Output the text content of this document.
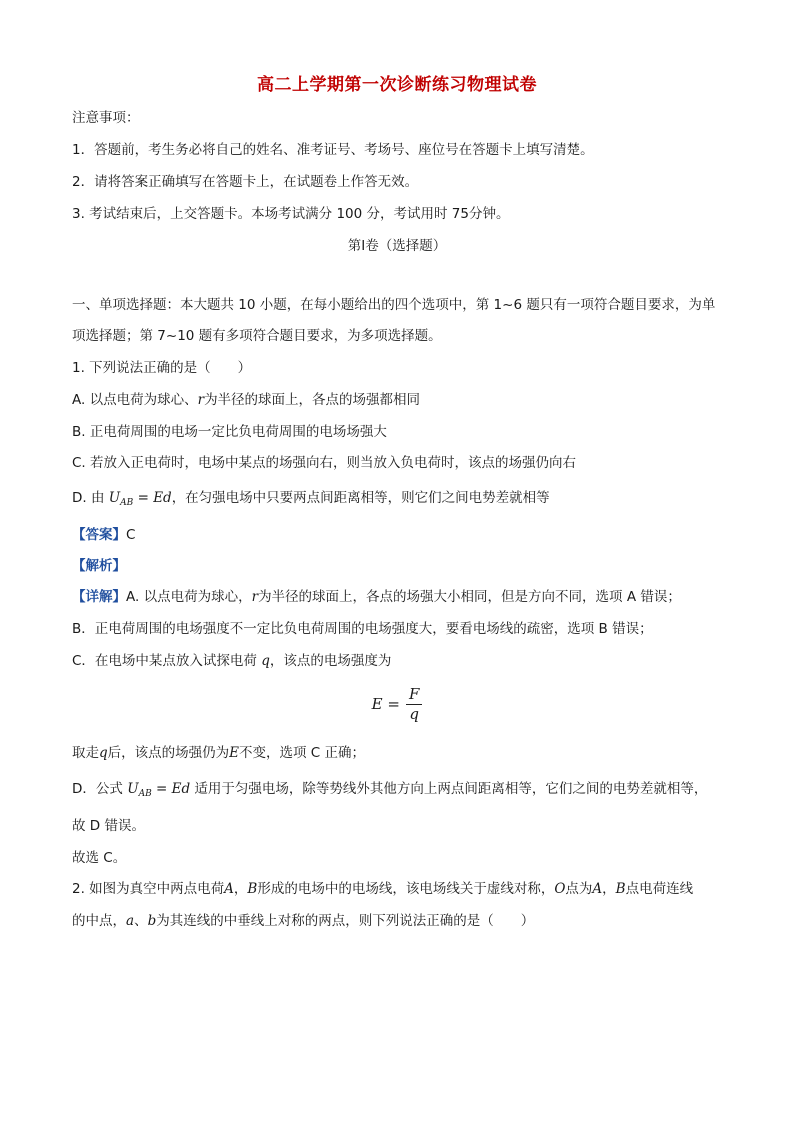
高二上学期第一次诊断练习物理试卷
注意事项：
1．答题前，考生务必将自己的姓名、准考证号、考场号、座位号在答题卡上填写清楚。
2．请将答案正确填写在答题卡上，在试题卷上作答无效。
3. 考试结束后，上交答题卡。本场考试满分 100 分，考试用时 75分钟。
第Ⅰ卷（选择题）
一、单项选择题：本大题共 10 小题，在每小题给出的四个选项中，第 1~6 题只有一项符合题目要求，为单
项选择题；第 7~10 题有多项符合题目要求，为多项选择题。
1. 下列说法正确的是（　　）
A. 以点电荷为球心、r为半径的球面上，各点的场强都相同
B. 正电荷周围的电场一定比负电荷周围的电场场强大
C. 若放入正电荷时，电场中某点的场强向右，则当放入负电荷时，该点的场强仍向右
D. 由 $U_{AB} = Ed$，在匀强电场中只要两点间距离相等，则它们之间电势差就相等
【答案】C
【解析】
【详解】A. 以点电荷为球心，r为半径的球面上，各点的场强大小相同，但是方向不同，选项 A 错误；
B．正电荷周围的电场强度不一定比负电荷周围的电场强度大，要看电场线的疏密，选项 B 错误；
C．在电场中某点放入试探电荷 q，该点的电场强度为
$E = \frac{F}{q}$
取走q后，该点的场强仍为E不变，选项 C 正确；
D．公式 $U_{AB} = Ed$ 适用于匀强电场，除等势线外其他方向上两点间距离相等，它们之间的电势差就相等，
故 D 错误。
故选 C。
2. 如图为真空中两点电荷A，B形成的电场中的电场线，该电场线关于虚线对称，O点为A，B点电荷连线
的中点，a、b为其连线的中垂线上对称的两点，则下列说法正确的是（　　）
